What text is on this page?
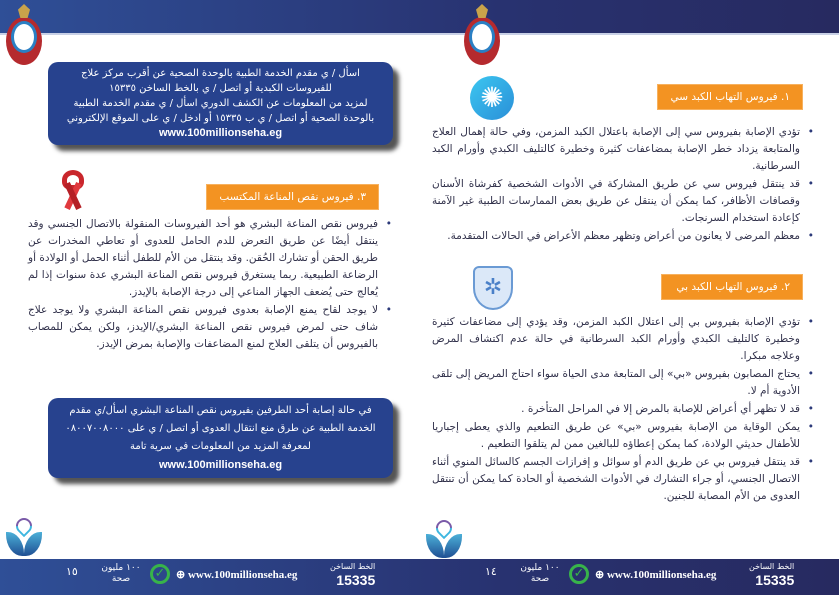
✺	١. فيروس التهاب الكبد سي
• تؤدي الإصابة بفيروس سي إلى الإصابة باعتلال الكبد المزمن، وفي حالة إهمال العلاج والمتابعة يزداد خطر الإصابة بمضاعفات كثيرة وخطيرة كالتليف الكبدي وأورام الكبد السرطانية.
• قد ينتقل فيروس سي عن طريق المشاركة في الأدوات الشخصية كفرشاة الأسنان وقصافات الأظافر، كما يمكن أن ينتقل عن طريق بعض الممارسات الطبية غير الآمنة كإعادة استخدام السرنجات.
• معظم المرضى لا يعانون من أعراض وتظهر معظم الأعراض في الحالات المتقدمة.
✲	٢. فيروس التهاب الكبد بي
• تؤدي الإصابة بفيروس بي إلى اعتلال الكبد المزمن، وقد يؤدي إلى مضاعفات كثيرة وخطيرة كالتليف الكبدي وأورام الكبد السرطانية في حالة عدم اكتشاف المرض وعلاجه مبكرا.
• يحتاج المصابون بفيروس «بي» إلى المتابعة مدى الحياة سواء احتاج المريض إلى تلقى الأدوية أم لا.
• قد لا تظهر أي أعراض للإصابة بالمرض إلا في المراحل المتأخرة .
• يمكن الوقاية من الإصابة بفيروس «بي» عن طريق التطعيم والذي يعطى إجباريا للأطفال حديثي الولادة، كما يمكن إعطاؤه للبالغين ممن لم يتلقوا التطعيم .
• قد ينتقل فيروس بي عن طريق الدم أو سوائل و إفرازات الجسم كالسائل المنوي أثناء الاتصال الجنسي، أو جراء التشارك في الأدوات الشخصية أو الحادة كما يمكن أن تنتقل العدوى من الأم المصابة للجنين.
اسأل / ي مقدم الخدمة الطبية بالوحدة الصحية عن أقرب مركز علاج للفيروسات الكبدية أو اتصل / ي بالخط الساخن ١٥٣٣٥
لمزيد من المعلومات عن الكشف الدوري اسأل / ي مقدم الخدمة الطبية بالوحدة الصحية أو اتصل / ي ب ١٥٣٣٥ أو ادخل / ي على الموقع الإلكتروني
www.100millionseha.eg
٣. فيروس نقص المناعة المكتسب
• فيروس نقص المناعة البشري هو أحد الفيروسات المنقولة بالاتصال الجنسي وقد ينتقل أيضًا عن طريق التعرض للدم الحامل للعدوى أو تعاطي المخدرات عن طريق الحقن أو تشارك الحُقن. وقد ينتقل من الأم للطفل أثناء الحمل أو الولادة أو الرضاعة الطبيعية. ربما يستغرق فيروس نقص المناعة البشري عدة سنوات إذا لم يُعالج حتى يُضعف الجهاز المناعي إلى درجة الإصابة بالإيدز.
• لا يوجد لقاح يمنع الإصابة بعدوى فيروس نقص المناعة البشري ولا يوجد علاج شاف حتى لمرض فيروس نقص المناعة البشري/الإيدز، ولكن يمكن للمصاب بالفيروس أن يتلقى العلاج لمنع المضاعفات والإصابة بمرض الإيدز.
في حالة إصابة أحد الطرفين بفيروس نقص المناعة البشري اسأل/ي مقدم الخدمة الطبية عن طرق منع انتقال العدوى أو اتصل / ي على ٠٨٠٠٧٠٠٨٠٠٠ لمعرفة المزيد من المعلومات في سرية تامة
www.100millionseha.eg
١٥	١٠٠ مليون
صحة	✓ ⊕ www.100millionseha.eg
الخط الساخن
15335
١٤	١٠٠ مليون
صحة	✓ ⊕ www.100millionseha.eg
الخط الساخن
15335
